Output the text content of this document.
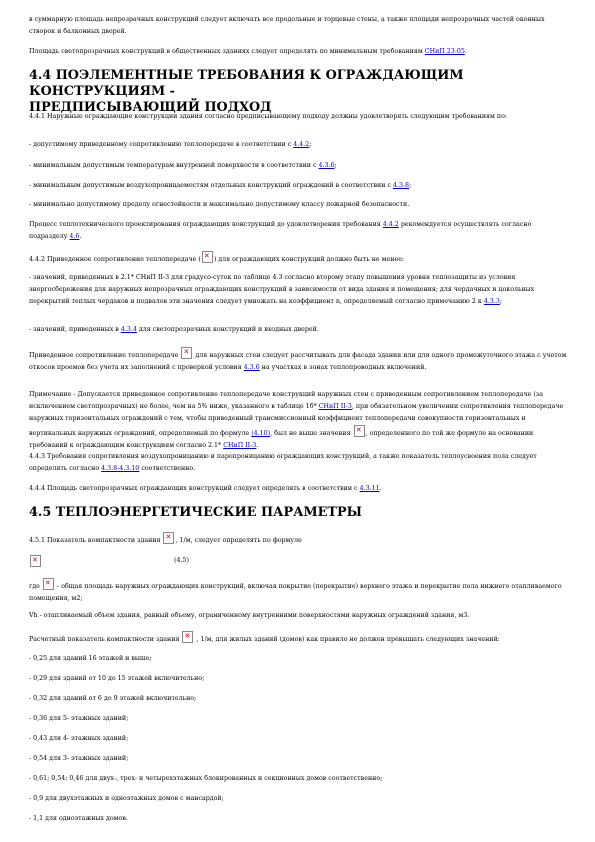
в суммарную площадь непрозрачных конструкций следует включать все продольные и торцевые стены, а также площади непрозрачных частей оконных створок и балконных дверей.
Площадь светопрозрачных конструкций в общественных зданиях следует определять по минимальным требованиям СНиП 23-05.
4.4 ПОЭЛЕМЕНТНЫЕ ТРЕБОВАНИЯ К ОГРАЖДАЮЩИМ КОНСТРУКЦИЯМ -
ПРЕДПИСЫВАЮЩИЙ ПОДХОД
4.4.1 Наружные ограждающие конструкции здания согласно предписывающему подходу должны удовлетворять следующим требованиям по:
- допустимому приведенному сопротивлению теплопередаче в соответствии с 4.4.2;
- минимальным допустимым температурам внутренней поверхности в соответствии с 4.3.6;
- минимальным допустимым воздухопроницаемостям отдельных конструкций ограждений в соответствии с 4.3.8;
- минимально допустимому пределу огнестойкости и максимально допустимому классу пожарной безопасности.
Процесс теплотехнического проектирования ограждающих конструкций до удовлетворения требования 4.4.2 рекомендуется осуществлять согласно подразделу 4.6.
4.4.2 Приведенное сопротивление теплопередаче ( ✕ ) для ограждающих конструкций должно быть не менее:
- значений, приведенных в 2.1* СНиП II-3 для градусо-суток по таблице 4.3 согласно второму этапу повышения уровня теплозащиты из условия энергосбережения для наружных непрозрачных ограждающих конструкций в зависимости от вида здания и помещения; для чердачных и цокольных перекрытий теплых чердаков и подвалов эти значения следует умножать на коэффициент n, определяемый согласно примечанию 2 к 4.3.3;
- значений, приведенных в 4.3.4 для светопрозрачных конструкций и входных дверей.
Приведенное сопротивление теплопередаче ✕	для наружных стен следует рассчитывать для фасада здания или для одного промежуточного этажа с учетом откосов проемов без учета их заполнений с проверкой условия 4.3.6 на участках в зонах теплопроводных включений.
Примечание - Допускается приведенное сопротивление теплопередаче конструкций наружных стен с приведенным сопротивлением теплопередаче (за исключением светопрозрачных) не более, чем на 5% ниже, указанного в таблице 1б* СНиП II-3, при обязательном увеличении сопротивления теплопередаче наружных горизонтальных ограждений с тем, чтобы приведенный трансмиссионный коэффициент теплопередачи совокупности горизонтальных и вертикальных наружных ограждений, определяемый по формуле (4.10), был не выше значения ✕ , определенного по той же формуле на основании требований к ограждающим конструкциям согласно 2.1* СНиП II-3.
4.4.3 Требования сопротивления воздухопроницанию и паропроницанию ограждающих конструкций, а также показатель теплоусвоения пола следует определять согласно 4.3.8-4.3.10 соответственно.
4.4.4 Площадь светопрозрачных ограждающих конструкций следует определять в соответствии с 4.3.11.
4.5 ТЕПЛОЭНЕРГЕТИЧЕСКИЕ ПАРАМЕТРЫ
4.5.1 Показатель компактности здания ✕ , 1/м, следует определять по формуле
✕
(4.5)
где ✕	- общая площадь наружных ограждающих конструкций, включая покрытие (перекрытие) верхнего этажа и перекрытие пола нижнего отапливаемого помещения, м2;
Vh - отапливаемый объем здания, равный объему, ограниченному внутренними поверхностями наружных ограждений здания, м3.
Расчетный показатель компактности здания ✕	, 1/м, для жилых зданий (домов) как правило не должен превышать следующих значений:
- 0,25 для зданий 16 этажей и выше;
- 0,29 для зданий от 10 до 15 этажей включительно;
- 0,32 для зданий от 6 до 9 этажей включительно;
- 0,36 для 5- этажных зданий;
- 0,43 для 4- этажных зданий;
- 0,54 для 3- этажных зданий;
- 0,61; 0,54; 0,46 для двух-, трех- и четырехэтажных блокированных и секционных домов соответственно;
- 0,9 для двухэтажных и одноэтажных домов с мансардой;
- 1,1 для одноэтажных домов.
